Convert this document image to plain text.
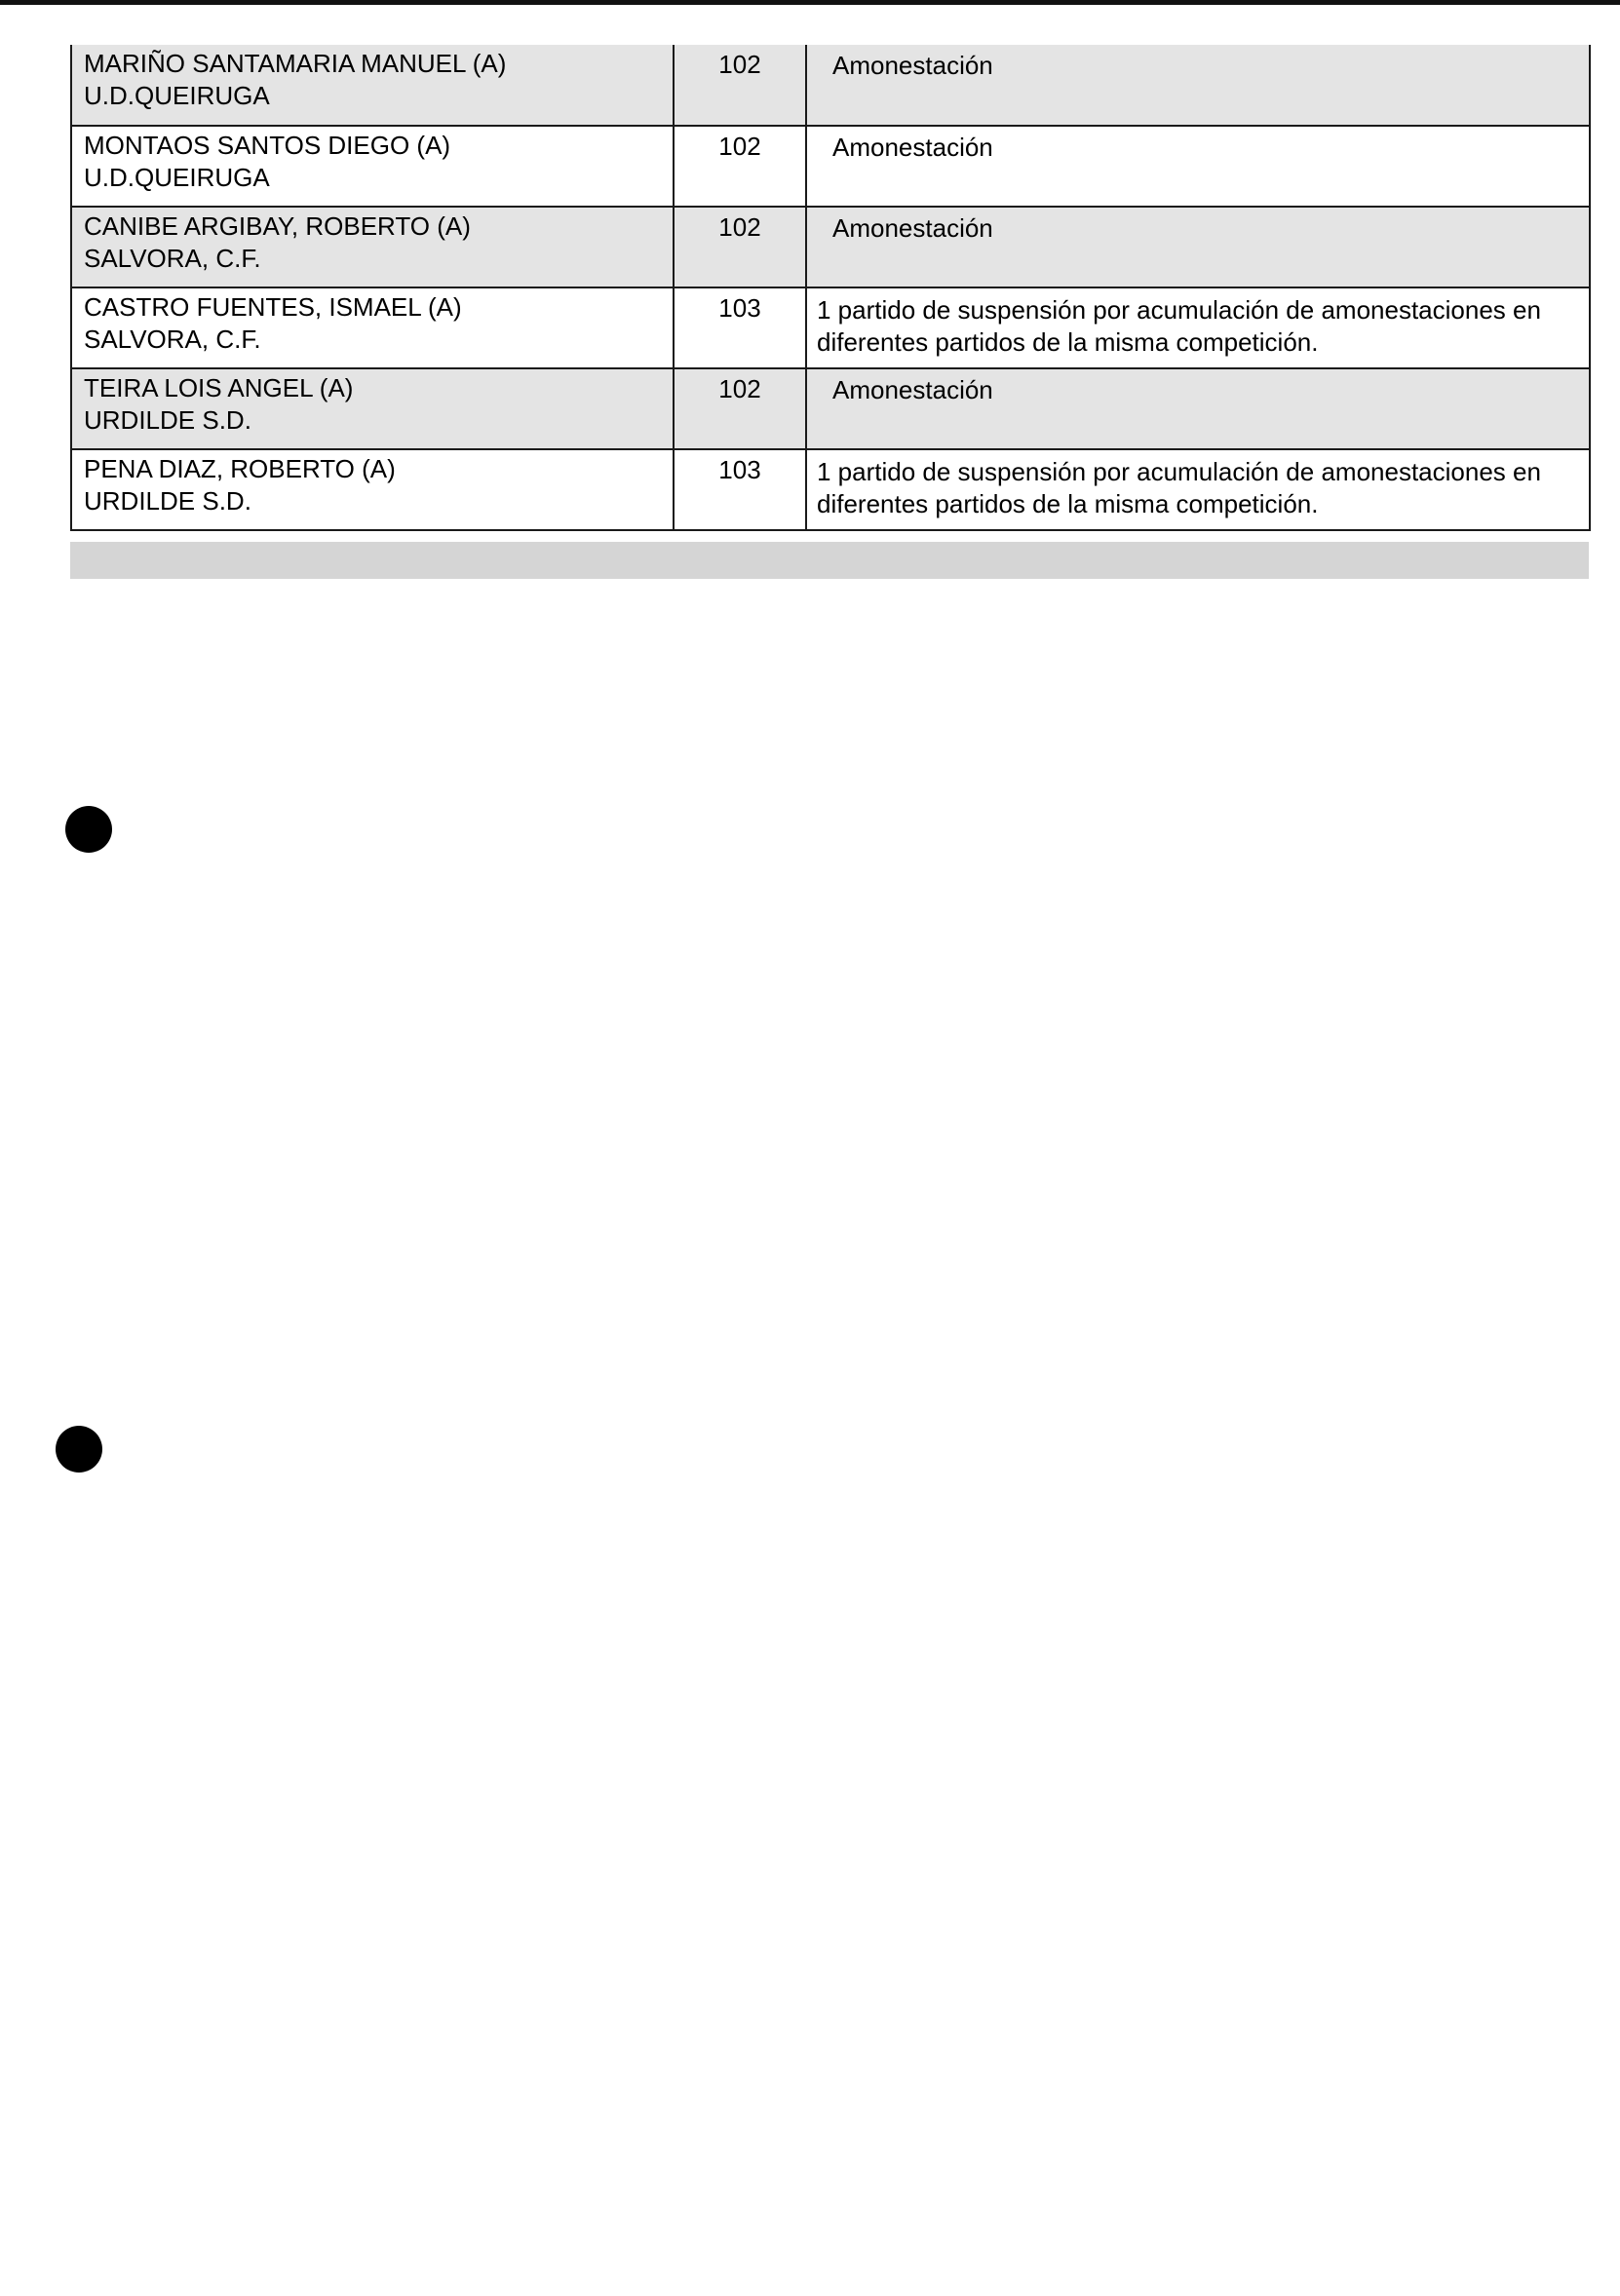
MARIÑO SANTAMARIA MANUEL (A)
U.D.QUEIRUGA	102	Amonestación

MONTAOS SANTOS DIEGO (A)
U.D.QUEIRUGA	102	Amonestación

CANIBE ARGIBAY, ROBERTO (A)
SALVORA, C.F.	102	Amonestación

CASTRO FUENTES, ISMAEL (A)
SALVORA, C.F.	103	1 partido de suspensión por acumulación de amonestaciones en
diferentes partidos de la misma competición.

TEIRA LOIS ANGEL (A)
URDILDE S.D.	102	Amonestación

PENA DIAZ, ROBERTO (A)
URDILDE S.D.	103	1 partido de suspensión por acumulación de amonestaciones en
diferentes partidos de la misma competición.
